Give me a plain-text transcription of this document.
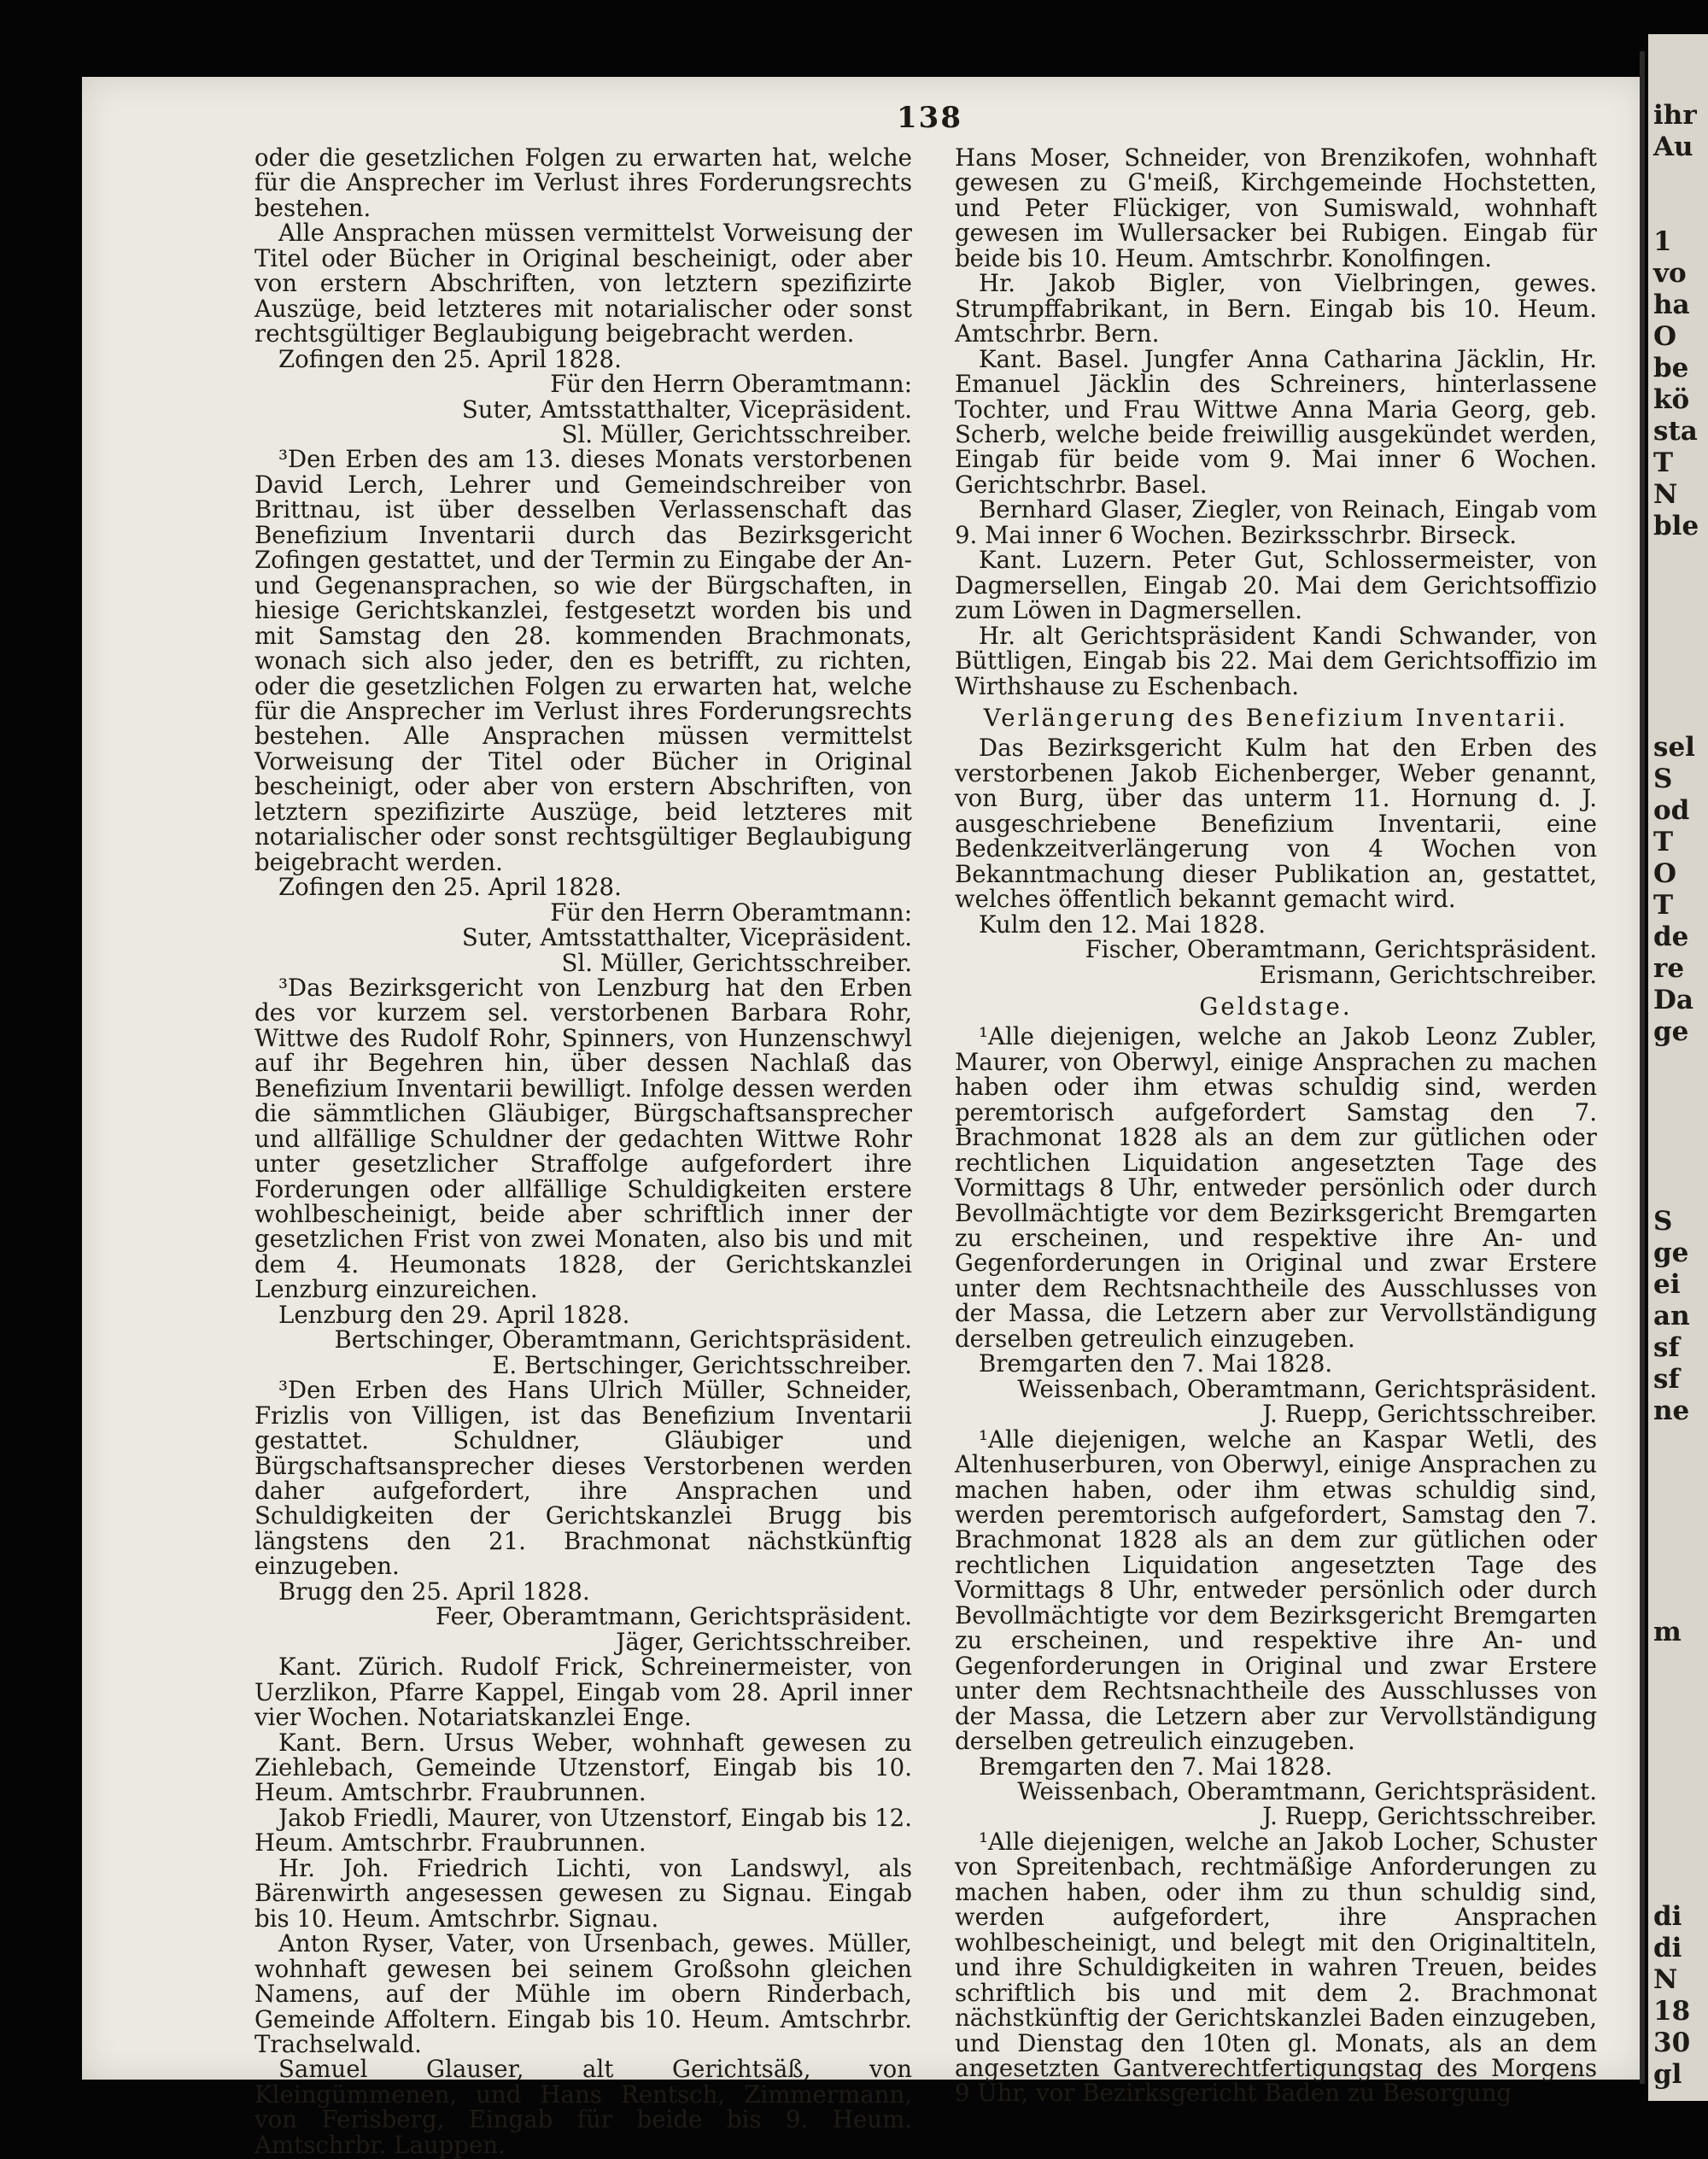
ihr
Au
1
vo
ha
O
be
kö
sta
T
N
ble
sel
S
od
T
O
T
de
re
Da
ge
S
ge
ei
an
sf
sf
ne
m
di
di
N
18
30
gl
138

oder die gesetzlichen Folgen zu erwarten hat, welche für die Ansprecher im Verlust ihres Forderungsrechts bestehen.

Alle Ansprachen müssen vermittelst Vorweisung der Titel oder Bücher in Original bescheinigt, oder aber von erstern Abschriften, von letztern spezifizirte Auszüge, beid letzteres mit notarialischer oder sonst rechtsgültiger Beglaubigung beigebracht werden.

Zofingen den 25. April 1828.

Für den Herrn Oberamtmann:

Suter, Amtsstatthalter, Vicepräsident.

Sl. Müller, Gerichtsschreiber.

³Den Erben des am 13. dieses Monats verstorbenen David Lerch, Lehrer und Gemeindschreiber von Brittnau, ist über desselben Verlassenschaft das Benefizium Inventarii durch das Bezirksgericht Zofingen gestattet, und der Termin zu Eingabe der An- und Gegenansprachen, so wie der Bürgschaften, in hiesige Gerichtskanzlei, festgesetzt worden bis und mit Samstag den 28. kommenden Brachmonats, wonach sich also jeder, den es betrifft, zu richten, oder die gesetzlichen Folgen zu erwarten hat, welche für die Ansprecher im Verlust ihres Forderungsrechts bestehen. Alle Ansprachen müssen vermittelst Vorweisung der Titel oder Bücher in Original bescheinigt, oder aber von erstern Abschriften, von letztern spezifizirte Auszüge, beid letzteres mit notarialischer oder sonst rechtsgültiger Beglaubigung beigebracht werden.

Zofingen den 25. April 1828.

Für den Herrn Oberamtmann:

Suter, Amtsstatthalter, Vicepräsident.

Sl. Müller, Gerichtsschreiber.

³Das Bezirksgericht von Lenzburg hat den Erben des vor kurzem sel. verstorbenen Barbara Rohr, Wittwe des Rudolf Rohr, Spinners, von Hunzenschwyl auf ihr Begehren hin, über dessen Nachlaß das Benefizium Inventarii bewilligt. Infolge dessen werden die sämmtlichen Gläubiger, Bürgschaftsansprecher und allfällige Schuldner der gedachten Wittwe Rohr unter gesetzlicher Straffolge aufgefordert ihre Forderungen oder allfällige Schuldigkeiten erstere wohlbescheinigt, beide aber schriftlich inner der gesetzlichen Frist von zwei Monaten, also bis und mit dem 4. Heumonats 1828, der Gerichtskanzlei Lenzburg einzureichen.

Lenzburg den 29. April 1828.

Bertschinger, Oberamtmann, Gerichtspräsident.

E. Bertschinger, Gerichtsschreiber.

³Den Erben des Hans Ulrich Müller, Schneider, Frizlis von Villigen, ist das Benefizium Inventarii gestattet. Schuldner, Gläubiger und Bürgschaftsansprecher dieses Verstorbenen werden daher aufgefordert, ihre Ansprachen und Schuldigkeiten der Gerichtskanzlei Brugg bis längstens den 21. Brachmonat nächstkünftig einzugeben.

Brugg den 25. April 1828.

Feer, Oberamtmann, Gerichtspräsident.

Jäger, Gerichtsschreiber.

Kant. Zürich. Rudolf Frick, Schreinermeister, von Uerzlikon, Pfarre Kappel, Eingab vom 28. April inner vier Wochen. Notariatskanzlei Enge.

Kant. Bern. Ursus Weber, wohnhaft gewesen zu Ziehlebach, Gemeinde Utzenstorf, Eingab bis 10. Heum. Amtschrbr. Fraubrunnen.

Jakob Friedli, Maurer, von Utzenstorf, Eingab bis 12. Heum. Amtschrbr. Fraubrunnen.

Hr. Joh. Friedrich Lichti, von Landswyl, als Bärenwirth angesessen gewesen zu Signau. Eingab bis 10. Heum. Amtschrbr. Signau.

Anton Ryser, Vater, von Ursenbach, gewes. Müller, wohnhaft gewesen bei seinem Großsohn gleichen Namens, auf der Mühle im obern Rinderbach, Gemeinde Affoltern. Eingab bis 10. Heum. Amtschrbr. Trachselwald.

Samuel Glauser, alt Gerichtsäß, von Kleingümmenen, und Hans Rentsch, Zimmermann, von Ferisberg, Eingab für beide bis 9. Heum. Amtschrbr. Lauppen.

Hans Moser, Schneider, von Brenzikofen, wohnhaft gewesen zu G'meiß, Kirchgemeinde Hochstetten, und Peter Flückiger, von Sumiswald, wohnhaft gewesen im Wullersacker bei Rubigen. Eingab für beide bis 10. Heum. Amtschrbr. Konolfingen.

Hr. Jakob Bigler, von Vielbringen, gewes. Strumpffabrikant, in Bern. Eingab bis 10. Heum. Amtschrbr. Bern.

Kant. Basel. Jungfer Anna Catharina Jäcklin, Hr. Emanuel Jäcklin des Schreiners, hinterlassene Tochter, und Frau Wittwe Anna Maria Georg, geb. Scherb, welche beide freiwillig ausgekündet werden, Eingab für beide vom 9. Mai inner 6 Wochen. Gerichtschrbr. Basel.

Bernhard Glaser, Ziegler, von Reinach, Eingab vom 9. Mai inner 6 Wochen. Bezirksschrbr. Birseck.

Kant. Luzern. Peter Gut, Schlossermeister, von Dagmersellen, Eingab 20. Mai dem Gerichtsoffizio zum Löwen in Dagmersellen.

Hr. alt Gerichtspräsident Kandi Schwander, von Büttligen, Eingab bis 22. Mai dem Gerichtsoffizio im Wirthshause zu Eschenbach.

Verlängerung des Benefizium Inventarii.

Das Bezirksgericht Kulm hat den Erben des verstorbenen Jakob Eichenberger, Weber genannt, von Burg, über das unterm 11. Hornung d. J. ausgeschriebene Benefizium Inventarii, eine Bedenkzeitverlängerung von 4 Wochen von Bekanntmachung dieser Publikation an, gestattet, welches öffentlich bekannt gemacht wird.

Kulm den 12. Mai 1828.

Fischer, Oberamtmann, Gerichtspräsident.

Erismann, Gerichtschreiber.

Geldstage.

¹Alle diejenigen, welche an Jakob Leonz Zubler, Maurer, von Oberwyl, einige Ansprachen zu machen haben oder ihm etwas schuldig sind, werden peremtorisch aufgefordert Samstag den 7. Brachmonat 1828 als an dem zur gütlichen oder rechtlichen Liquidation angesetzten Tage des Vormittags 8 Uhr, entweder persönlich oder durch Bevollmächtigte vor dem Bezirksgericht Bremgarten zu erscheinen, und respektive ihre An- und Gegenforderungen in Original und zwar Erstere unter dem Rechtsnachtheile des Ausschlusses von der Massa, die Letzern aber zur Vervollständigung derselben getreulich einzugeben.

Bremgarten den 7. Mai 1828.

Weissenbach, Oberamtmann, Gerichtspräsident.

J. Ruepp, Gerichtsschreiber.

¹Alle diejenigen, welche an Kaspar Wetli, des Altenhuserburen, von Oberwyl, einige Ansprachen zu machen haben, oder ihm etwas schuldig sind, werden peremtorisch aufgefordert, Samstag den 7. Brachmonat 1828 als an dem zur gütlichen oder rechtlichen Liquidation angesetzten Tage des Vormittags 8 Uhr, entweder persönlich oder durch Bevollmächtigte vor dem Bezirksgericht Bremgarten zu erscheinen, und respektive ihre An- und Gegenforderungen in Original und zwar Erstere unter dem Rechtsnachtheile des Ausschlusses von der Massa, die Letzern aber zur Vervollständigung derselben getreulich einzugeben.

Bremgarten den 7. Mai 1828.

Weissenbach, Oberamtmann, Gerichtspräsident.

J. Ruepp, Gerichtsschreiber.

¹Alle diejenigen, welche an Jakob Locher, Schuster von Spreitenbach, rechtmäßige Anforderungen zu machen haben, oder ihm zu thun schuldig sind, werden aufgefordert, ihre Ansprachen wohlbescheinigt, und belegt mit den Originaltiteln, und ihre Schuldigkeiten in wahren Treuen, beides schriftlich bis und mit dem 2. Brachmonat nächstkünftig der Gerichtskanzlei Baden einzugeben, und Dienstag den 10ten gl. Monats, als an dem angesetzten Gantverechtfertigungstag des Morgens 9 Uhr, vor Bezirksgericht Baden zu Besorgung
